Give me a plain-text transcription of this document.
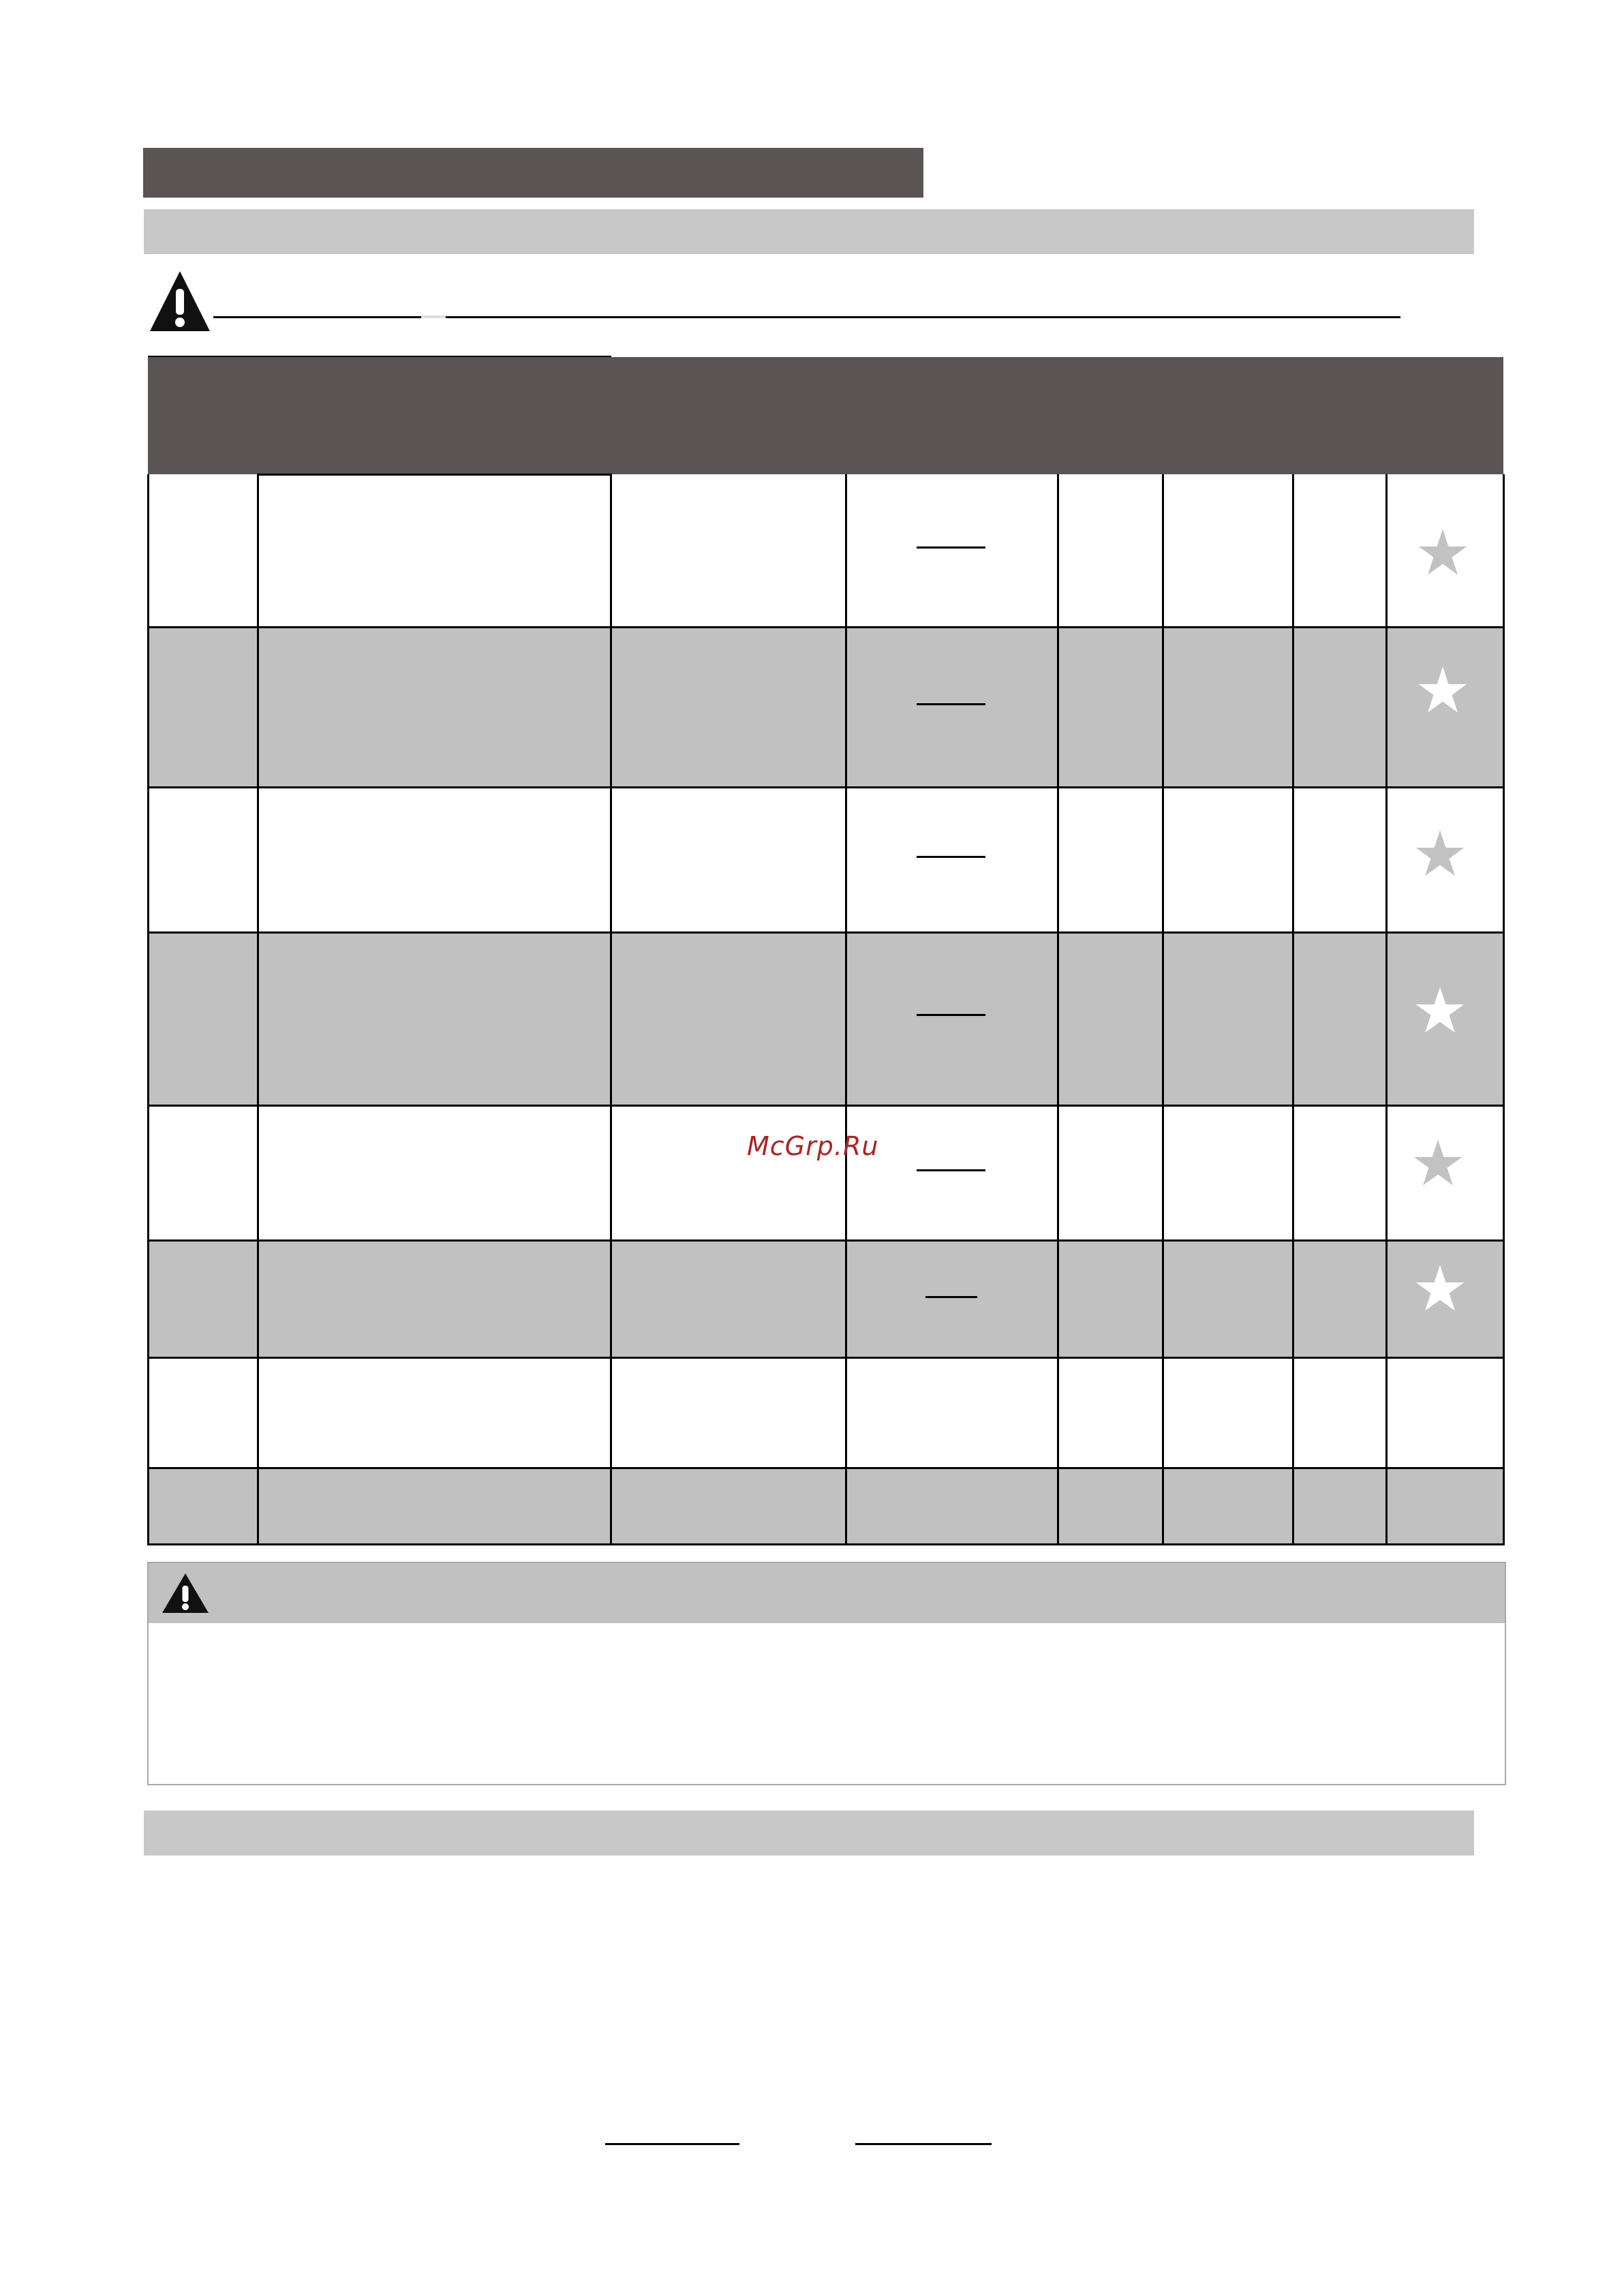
★
★
★
★
★
★
McGrp.Ru
